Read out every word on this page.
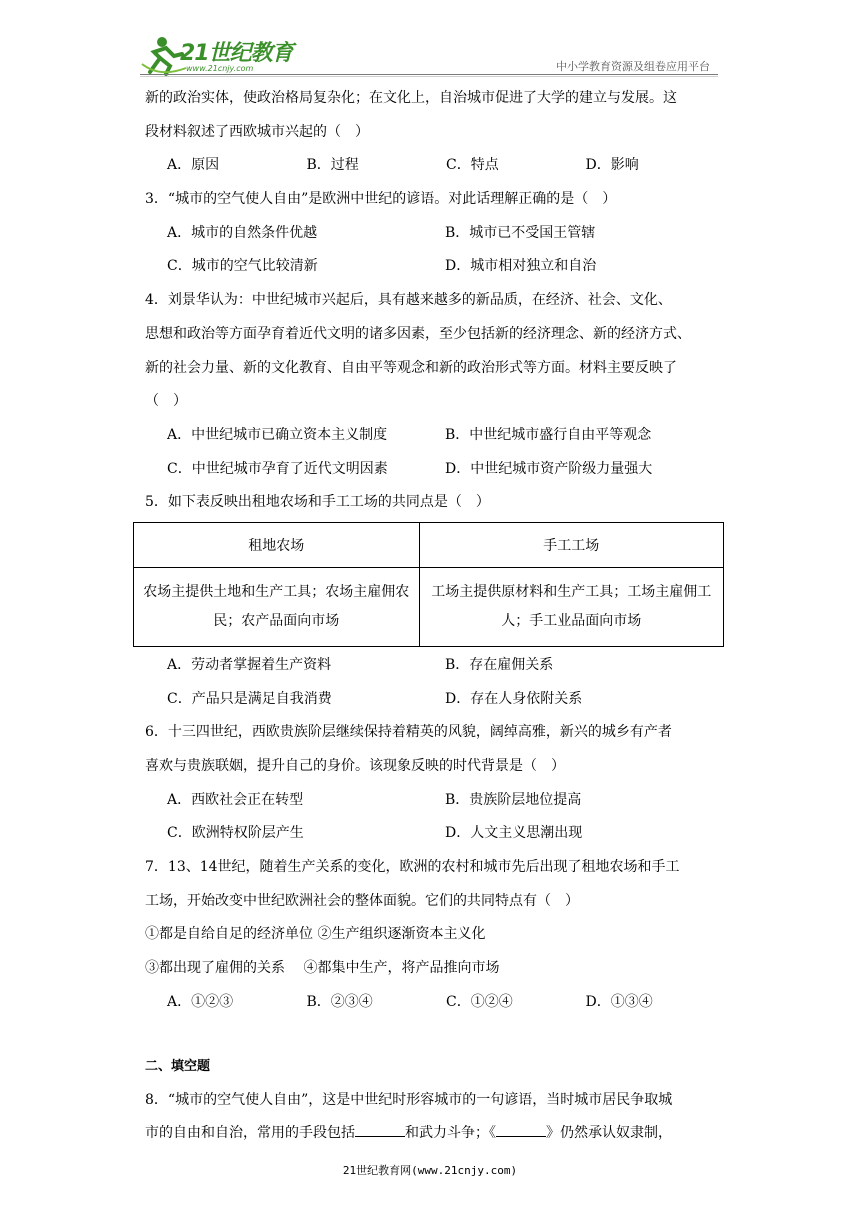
21世纪教育
www.21cnjy.com	中小学教育资源及组卷应用平台
新的政治实体，使政治格局复杂化；在文化上，自治城市促进了大学的建立与发展。这
段材料叙述了西欧城市兴起的（　）
A．原因	B．过程	C．特点	D．影响
3．“城市的空气使人自由”是欧洲中世纪的谚语。对此话理解正确的是（　）
A．城市的自然条件优越	B．城市已不受国王管辖
C．城市的空气比较清新	D．城市相对独立和自治
4．刘景华认为：中世纪城市兴起后，具有越来越多的新品质，在经济、社会、文化、
思想和政治等方面孕育着近代文明的诸多因素，至少包括新的经济理念、新的经济方式、
新的社会力量、新的文化教育、自由平等观念和新的政治形式等方面。材料主要反映了
（　）
A．中世纪城市已确立资本主义制度	B．中世纪城市盛行自由平等观念
C．中世纪城市孕育了近代文明因素	D．中世纪城市资产阶级力量强大
5．如下表反映出租地农场和手工工场的共同点是（　）
租地农场	手工工场
农场主提供土地和生产工具；农场主雇佣农民；农产品面向市场	工场主提供原材料和生产工具；工场主雇佣工人；手工业品面向市场
A．劳动者掌握着生产资料	B．存在雇佣关系
C．产品只是满足自我消费	D．存在人身依附关系
6．十三四世纪，西欧贵族阶层继续保持着精英的风貌，阔绰高雅，新兴的城乡有产者
喜欢与贵族联姻，提升自己的身价。该现象反映的时代背景是（　）
A．西欧社会正在转型	B．贵族阶层地位提高
C．欧洲特权阶层产生	D．人文主义思潮出现
7．13、14世纪，随着生产关系的变化，欧洲的农村和城市先后出现了租地农场和手工
工场，开始改变中世纪欧洲社会的整体面貌。它们的共同特点有（　）
①都是自给自足的经济单位 ②生产组织逐渐资本主义化
③都出现了雇佣的关系　 ④都集中生产，将产品推向市场
A．①②③	B．②③④	C．①②④	D．①③④
二、填空题
8．“城市的空气使人自由”，这是中世纪时形容城市的一句谚语，当时城市居民争取城
市的自由和自治，常用的手段包括	和武力斗争；《	》仍然承认奴隶制，
21世纪教育网(www.21cnjy.com)
